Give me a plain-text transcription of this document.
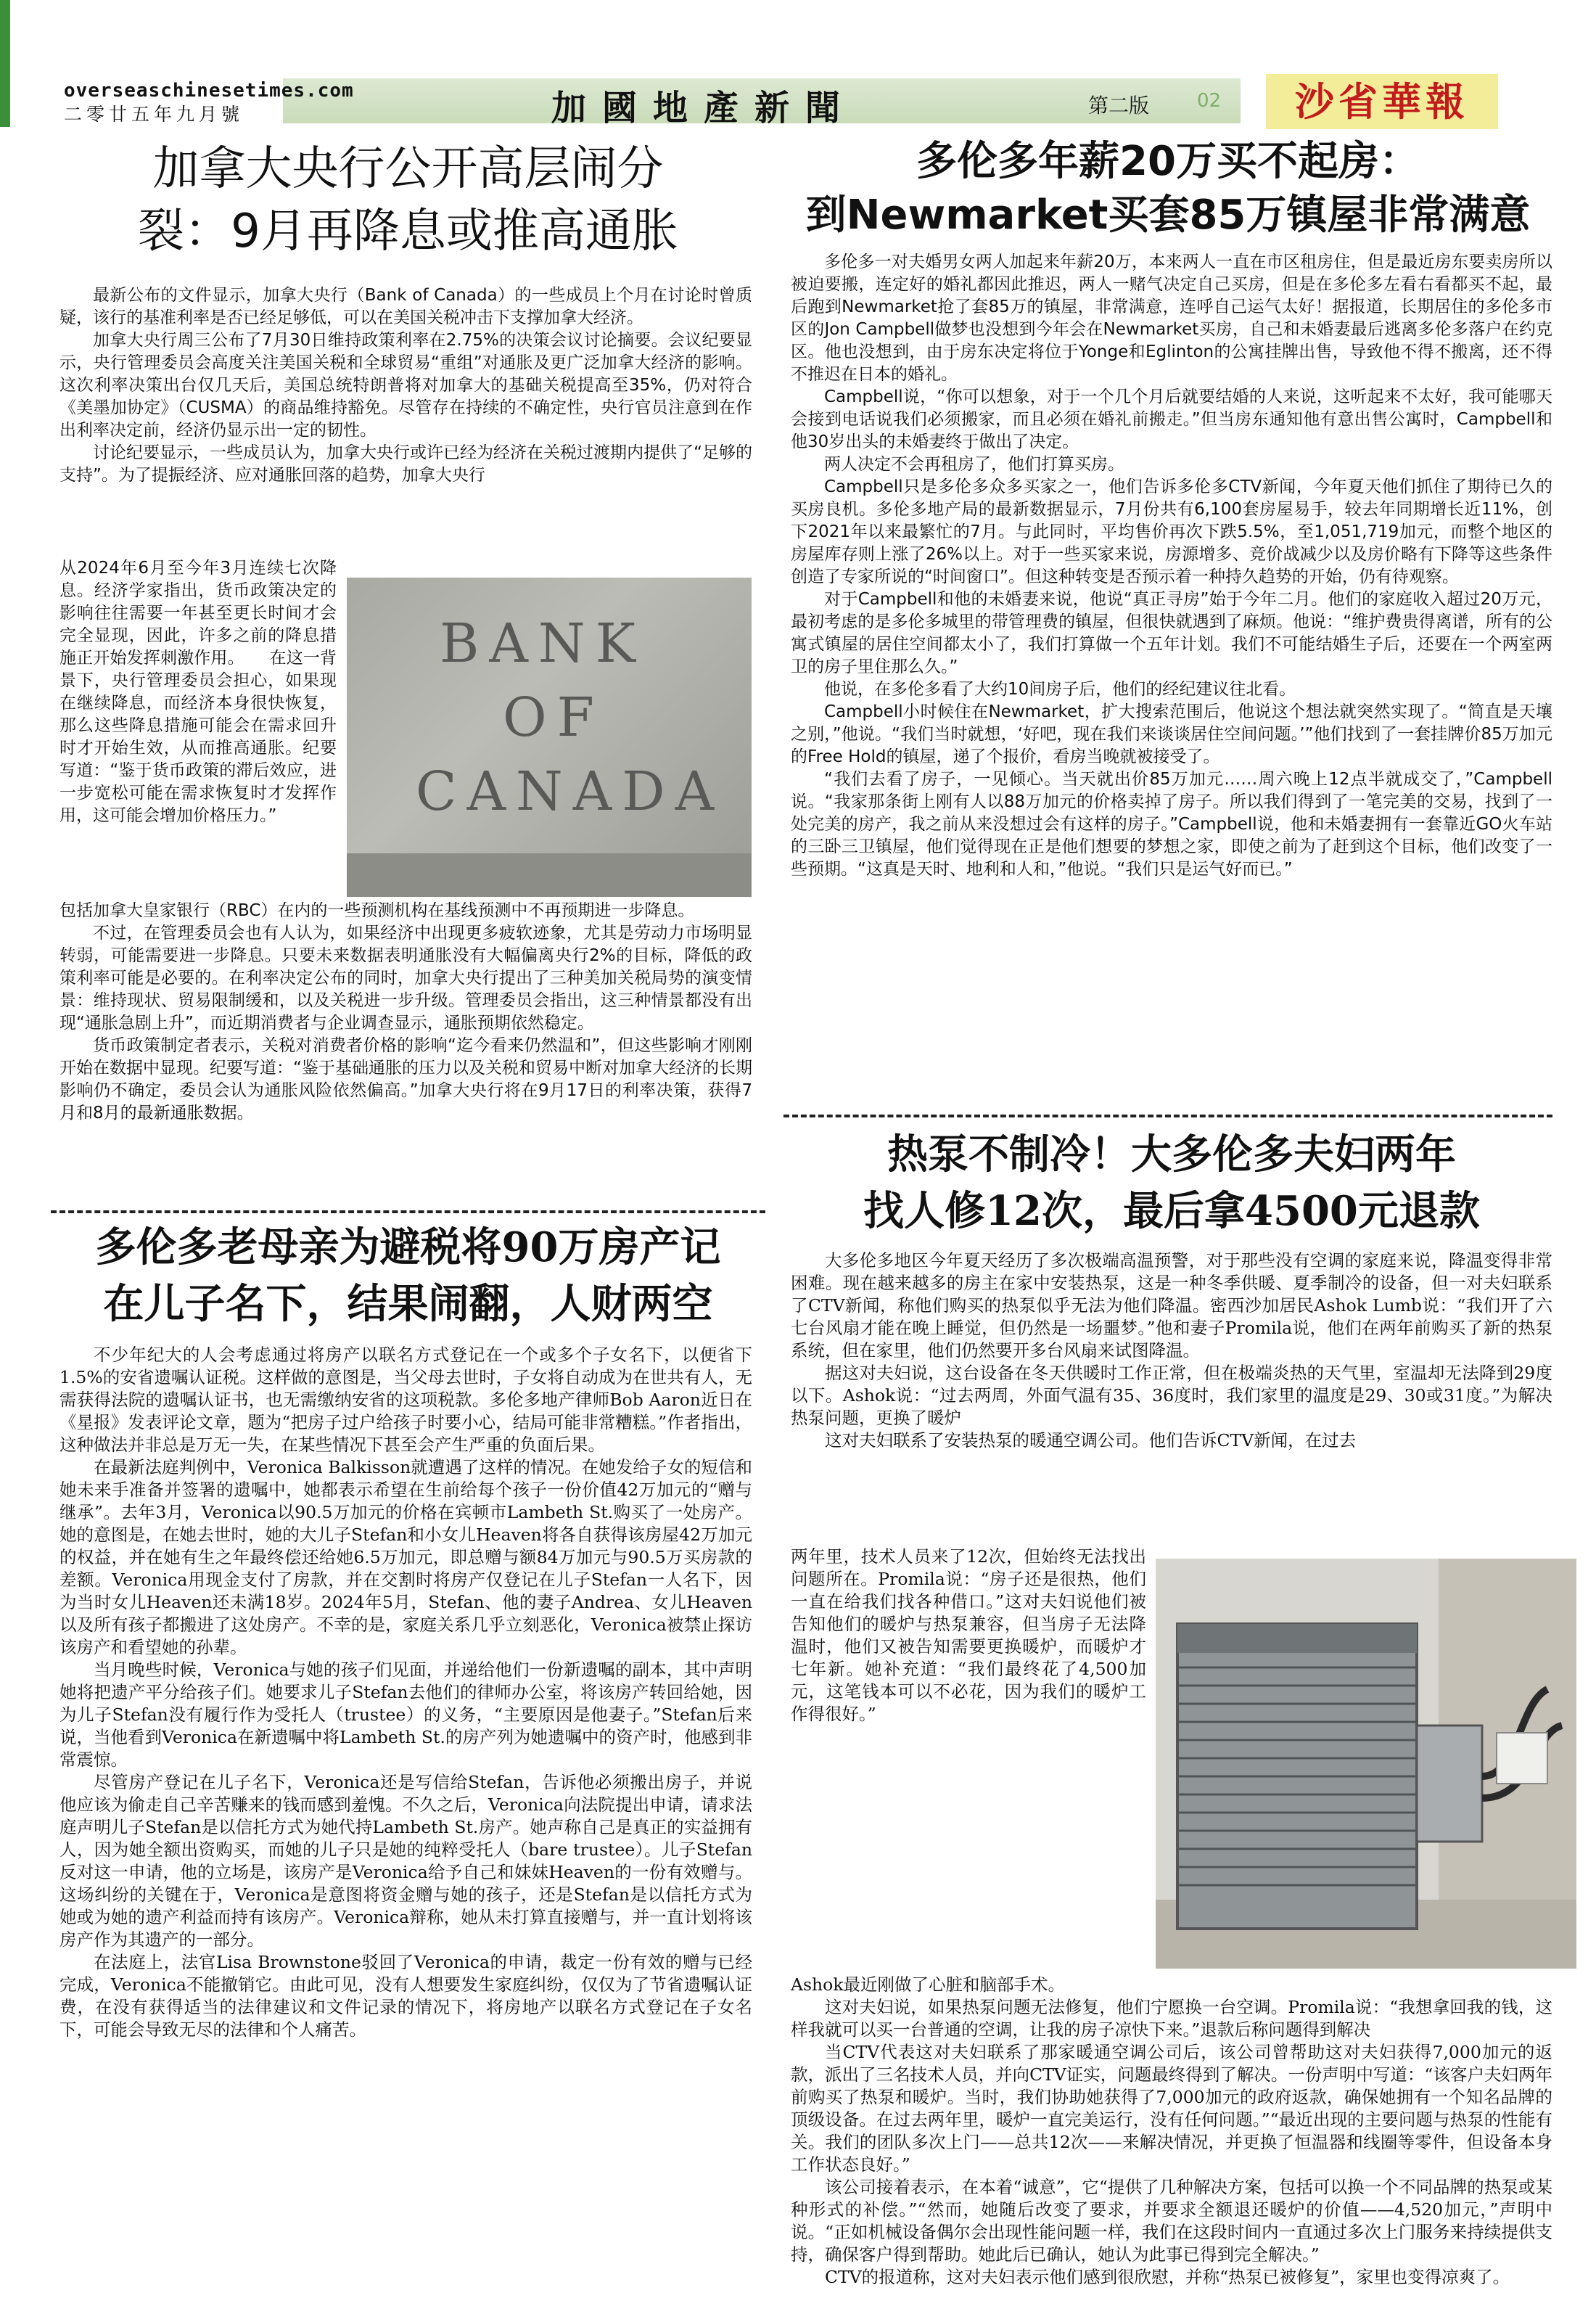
overseaschinesetimes.com
二零廿五年九月號	加國地產新聞	第二版	02	沙省華報
加拿大央行公开高层闹分
裂：9月再降息或推高通胀

最新公布的文件显示，加拿大央行（Bank of Canada）的一些成员上个月在讨论时曾质疑，该行的基准利率是否已经足够低，可以在美国关税冲击下支撑加拿大经济。

加拿大央行周三公布了7月30日维持政策利率在2.75%的决策会议讨论摘要。会议纪要显示，央行管理委员会高度关注美国关税和全球贸易“重组”对通胀及更广泛加拿大经济的影响。这次利率决策出台仅几天后，美国总统特朗普将对加拿大的基础关税提高至35%，仍对符合《美墨加协定》（CUSMA）的商品维持豁免。尽管存在持续的不确定性，央行官员注意到在作出利率决定前，经济仍显示出一定的韧性。

讨论纪要显示，一些成员认为，加拿大央行或许已经为经济在关税过渡期内提供了“足够的支持”。为了提振经济、应对通胀回落的趋势，加拿大央行

从2024年6月至今年3月连续七次降息。经济学家指出，货币政策决定的影响往往需要一年甚至更长时间才会完全显现，因此，许多之前的降息措施正开始发挥刺激作用。　　在这一背景下，央行管理委员会担心，如果现在继续降息，而经济本身很快恢复，那么这些降息措施可能会在需求回升时才开始生效，从而推高通胀。纪要写道：“鉴于货币政策的滞后效应，进一步宽松可能在需求恢复时才发挥作用，这可能会增加价格压力。”

BANK
OF
CANADA

包括加拿大皇家银行（RBC）在内的一些预测机构在基线预测中不再预期进一步降息。

不过，在管理委员会也有人认为，如果经济中出现更多疲软迹象，尤其是劳动力市场明显转弱，可能需要进一步降息。只要未来数据表明通胀没有大幅偏离央行2%的目标，降低的政策利率可能是必要的。在利率决定公布的同时，加拿大央行提出了三种美加关税局势的演变情景：维持现状、贸易限制缓和，以及关税进一步升级。管理委员会指出，这三种情景都没有出现“通胀急剧上升”，而近期消费者与企业调查显示，通胀预期依然稳定。

货币政策制定者表示，关税对消费者价格的影响“迄今看来仍然温和”，但这些影响才刚刚开始在数据中显现。纪要写道：“鉴于基础通胀的压力以及关税和贸易中断对加拿大经济的长期影响仍不确定，委员会认为通胀风险依然偏高。”加拿大央行将在9月17日的利率决策，获得7月和8月的最新通胀数据。

多伦多老母亲为避税将90万房产记
在儿子名下，结果闹翻，人财两空

不少年纪大的人会考虑通过将房产以联名方式登记在一个或多个子女名下，以便省下1.5%的安省遗嘱认证税。这样做的意图是，当父母去世时，子女将自动成为在世共有人，无需获得法院的遗嘱认证书，也无需缴纳安省的这项税款。多伦多地产律师Bob Aaron近日在《星报》发表评论文章，题为“把房子过户给孩子时要小心，结局可能非常糟糕。”作者指出，这种做法并非总是万无一失，在某些情况下甚至会产生严重的负面后果。

在最新法庭判例中，Veronica Balkisson就遭遇了这样的情况。在她发给子女的短信和她未来手准备并签署的遗嘱中，她都表示希望在生前给每个孩子一份价值42万加元的“赠与继承”。去年3月，Veronica以90.5万加元的价格在宾顿市Lambeth St.购买了一处房产。她的意图是，在她去世时，她的大儿子Stefan和小女儿Heaven将各自获得该房屋42万加元的权益，并在她有生之年最终偿还给她6.5万加元，即总赠与额84万加元与90.5万买房款的差额。Veronica用现金支付了房款，并在交割时将房产仅登记在儿子Stefan一人名下，因为当时女儿Heaven还未满18岁。2024年5月，Stefan、他的妻子Andrea、女儿Heaven以及所有孩子都搬进了这处房产。不幸的是，家庭关系几乎立刻恶化，Veronica被禁止探访该房产和看望她的孙辈。

当月晚些时候，Veronica与她的孩子们见面，并递给他们一份新遗嘱的副本，其中声明她将把遗产平分给孩子们。她要求儿子Stefan去他们的律师办公室，将该房产转回给她，因为儿子Stefan没有履行作为受托人（trustee）的义务，“主要原因是他妻子。”Stefan后来说，当他看到Veronica在新遗嘱中将Lambeth St.的房产列为她遗嘱中的资产时，他感到非常震惊。

尽管房产登记在儿子名下，Veronica还是写信给Stefan，告诉他必须搬出房子，并说他应该为偷走自己辛苦赚来的钱而感到羞愧。不久之后，Veronica向法院提出申请，请求法庭声明儿子Stefan是以信托方式为她代持Lambeth St.房产。她声称自己是真正的实益拥有人，因为她全额出资购买，而她的儿子只是她的纯粹受托人（bare trustee）。儿子Stefan反对这一申请，他的立场是，该房产是Veronica给予自己和妹妹Heaven的一份有效赠与。这场纠纷的关键在于，Veronica是意图将资金赠与她的孩子，还是Stefan是以信托方式为她或为她的遗产利益而持有该房产。Veronica辩称，她从未打算直接赠与，并一直计划将该房产作为其遗产的一部分。

在法庭上，法官Lisa Brownstone驳回了Veronica的申请，裁定一份有效的赠与已经完成，Veronica不能撤销它。由此可见，没有人想要发生家庭纠纷，仅仅为了节省遗嘱认证费，在没有获得适当的法律建议和文件记录的情况下，将房地产以联名方式登记在子女名下，可能会导致无尽的法律和个人痛苦。

多伦多年薪20万买不起房：
到Newmarket买套85万镇屋非常满意

多伦多一对夫婚男女两人加起来年薪20万，本来两人一直在市区租房住，但是最近房东要卖房所以被迫要搬，连定好的婚礼都因此推迟，两人一赌气决定自己买房，但是在多伦多左看右看都买不起，最后跑到Newmarket抢了套85万的镇屋，非常满意，连呼自己运气太好！据报道，长期居住的多伦多市区的Jon Campbell做梦也没想到今年会在Newmarket买房，自己和未婚妻最后逃离多伦多落户在约克区。他也没想到，由于房东决定将位于Yonge和Eglinton的公寓挂牌出售，导致他不得不搬离，还不得不推迟在日本的婚礼。

Campbell说，“你可以想象，对于一个几个月后就要结婚的人来说，这听起来不太好，我可能哪天会接到电话说我们必须搬家，而且必须在婚礼前搬走。”但当房东通知他有意出售公寓时，Campbell和他30岁出头的未婚妻终于做出了决定。

两人决定不会再租房了，他们打算买房。

Campbell只是多伦多众多买家之一，他们告诉多伦多CTV新闻，今年夏天他们抓住了期待已久的买房良机。多伦多地产局的最新数据显示，7月份共有6,100套房屋易手，较去年同期增长近11%，创下2021年以来最繁忙的7月。与此同时，平均售价再次下跌5.5%，至1,051,719加元，而整个地区的房屋库存则上涨了26%以上。对于一些买家来说，房源增多、竞价战减少以及房价略有下降等这些条件创造了专家所说的“时间窗口”。但这种转变是否预示着一种持久趋势的开始，仍有待观察。

对于Campbell和他的未婚妻来说，他说“真正寻房”始于今年二月。他们的家庭收入超过20万元，最初考虑的是多伦多城里的带管理费的镇屋，但很快就遇到了麻烦。他说：“维护费贵得离谱，所有的公寓式镇屋的居住空间都太小了，我们打算做一个五年计划。我们不可能结婚生子后，还要在一个两室两卫的房子里住那么久。”

他说，在多伦多看了大约10间房子后，他们的经纪建议往北看。

Campbell小时候住在Newmarket，扩大搜索范围后，他说这个想法就突然实现了。“简直是天壤之别，”他说。“我们当时就想，‘好吧，现在我们来谈谈居住空间问题。’”他们找到了一套挂牌价85万加元的Free Hold的镇屋，递了个报价，看房当晚就被接受了。

“我们去看了房子，一见倾心。当天就出价85万加元……周六晚上12点半就成交了，”Campbell说。“我家那条街上刚有人以88万加元的价格卖掉了房子。所以我们得到了一笔完美的交易，找到了一处完美的房产，我之前从来没想过会有这样的房子。”Campbell说，他和未婚妻拥有一套靠近GO火车站的三卧三卫镇屋，他们觉得现在正是他们想要的梦想之家，即使之前为了赶到这个目标，他们改变了一些预期。“这真是天时、地利和人和，”他说。“我们只是运气好而已。”

热泵不制冷！大多伦多夫妇两年
找人修12次，最后拿4500元退款

大多伦多地区今年夏天经历了多次极端高温预警，对于那些没有空调的家庭来说，降温变得非常困难。现在越来越多的房主在家中安装热泵，这是一种冬季供暖、夏季制冷的设备，但一对夫妇联系了CTV新闻，称他们购买的热泵似乎无法为他们降温。密西沙加居民Ashok Lumb说：“我们开了六七台风扇才能在晚上睡觉，但仍然是一场噩梦。”他和妻子Promila说，他们在两年前购买了新的热泵系统，但在家里，他们仍然要开多台风扇来试图降温。

据这对夫妇说，这台设备在冬天供暖时工作正常，但在极端炎热的天气里，室温却无法降到29度以下。Ashok说：“过去两周，外面气温有35、36度时，我们家里的温度是29、30或31度。”为解决热泵问题，更换了暖炉

这对夫妇联系了安装热泵的暖通空调公司。他们告诉CTV新闻，在过去

两年里，技术人员来了12次，但始终无法找出问题所在。Promila说：“房子还是很热，他们一直在给我们找各种借口。”这对夫妇说他们被告知他们的暖炉与热泵兼容，但当房子无法降温时，他们又被告知需要更换暖炉，而暖炉才七年新。她补充道：“我们最终花了4,500加元，这笔钱本可以不必花，因为我们的暖炉工作得很好。”

Ashok最近刚做了心脏和脑部手术。

这对夫妇说，如果热泵问题无法修复，他们宁愿换一台空调。Promila说：“我想拿回我的钱，这样我就可以买一台普通的空调，让我的房子凉快下来。”退款后称问题得到解决

当CTV代表这对夫妇联系了那家暖通空调公司后，该公司曾帮助这对夫妇获得7,000加元的返款，派出了三名技术人员，并向CTV证实，问题最终得到了解决。一份声明中写道：“该客户夫妇两年前购买了热泵和暖炉。当时，我们协助她获得了7,000加元的政府返款，确保她拥有一个知名品牌的顶级设备。在过去两年里，暖炉一直完美运行，没有任何问题。”“最近出现的主要问题与热泵的性能有关。我们的团队多次上门——总共12次——来解决情况，并更换了恒温器和线圈等零件，但设备本身工作状态良好。”

该公司接着表示，在本着“诚意”，它“提供了几种解决方案，包括可以换一个不同品牌的热泵或某种形式的补偿。”“然而，她随后改变了要求，并要求全额退还暖炉的价值——4,520加元，”声明中说。“正如机械设备偶尔会出现性能问题一样，我们在这段时间内一直通过多次上门服务来持续提供支持，确保客户得到帮助。她此后已确认，她认为此事已得到完全解决。”

CTV的报道称，这对夫妇表示他们感到很欣慰，并称“热泵已被修复”，家里也变得凉爽了。
